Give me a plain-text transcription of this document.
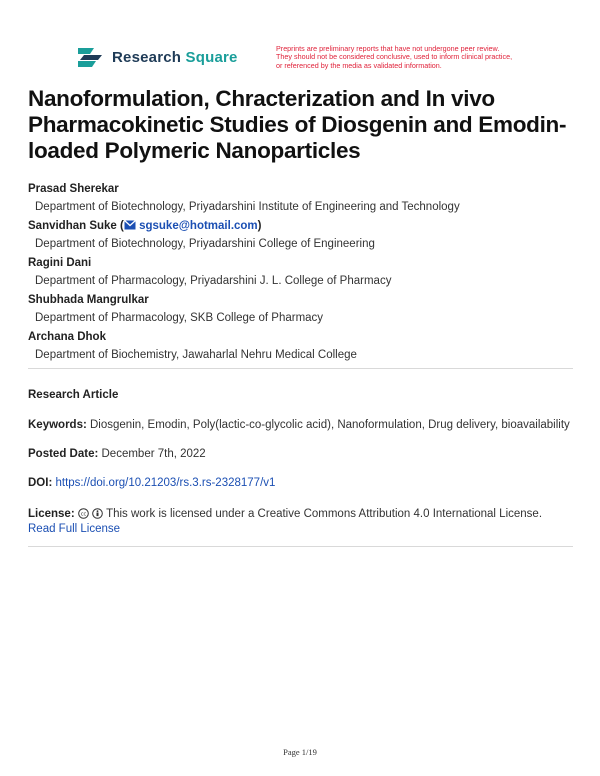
Research Square	Preprints are preliminary reports that have not undergone peer review.
They should not be considered conclusive, used to inform clinical practice,
or referenced by the media as validated information.
Nanoformulation, Chracterization and In vivo Pharmacokinetic Studies of Diosgenin and Emodin-loaded Polymeric Nanoparticles
Prasad Sherekar
Department of Biotechnology, Priyadarshini Institute of Engineering and Technology
Sanvidhan Suke ( sgsuke@hotmail.com)
Department of Biotechnology, Priyadarshini College of Engineering
Ragini Dani
Department of Pharmacology, Priyadarshini J. L. College of Pharmacy
Shubhada Mangrulkar
Department of Pharmacology, SKB College of Pharmacy
Archana Dhok
Department of Biochemistry, Jawaharlal Nehru Medical College
Research Article
Keywords: Diosgenin, Emodin, Poly(lactic-co-glycolic acid), Nanoformulation, Drug delivery, bioavailability
Posted Date: December 7th, 2022
DOI: https://doi.org/10.21203/rs.3.rs-2328177/v1
License: cc This work is licensed under a Creative Commons Attribution 4.0 International License.
Read Full License
Page 1/19
